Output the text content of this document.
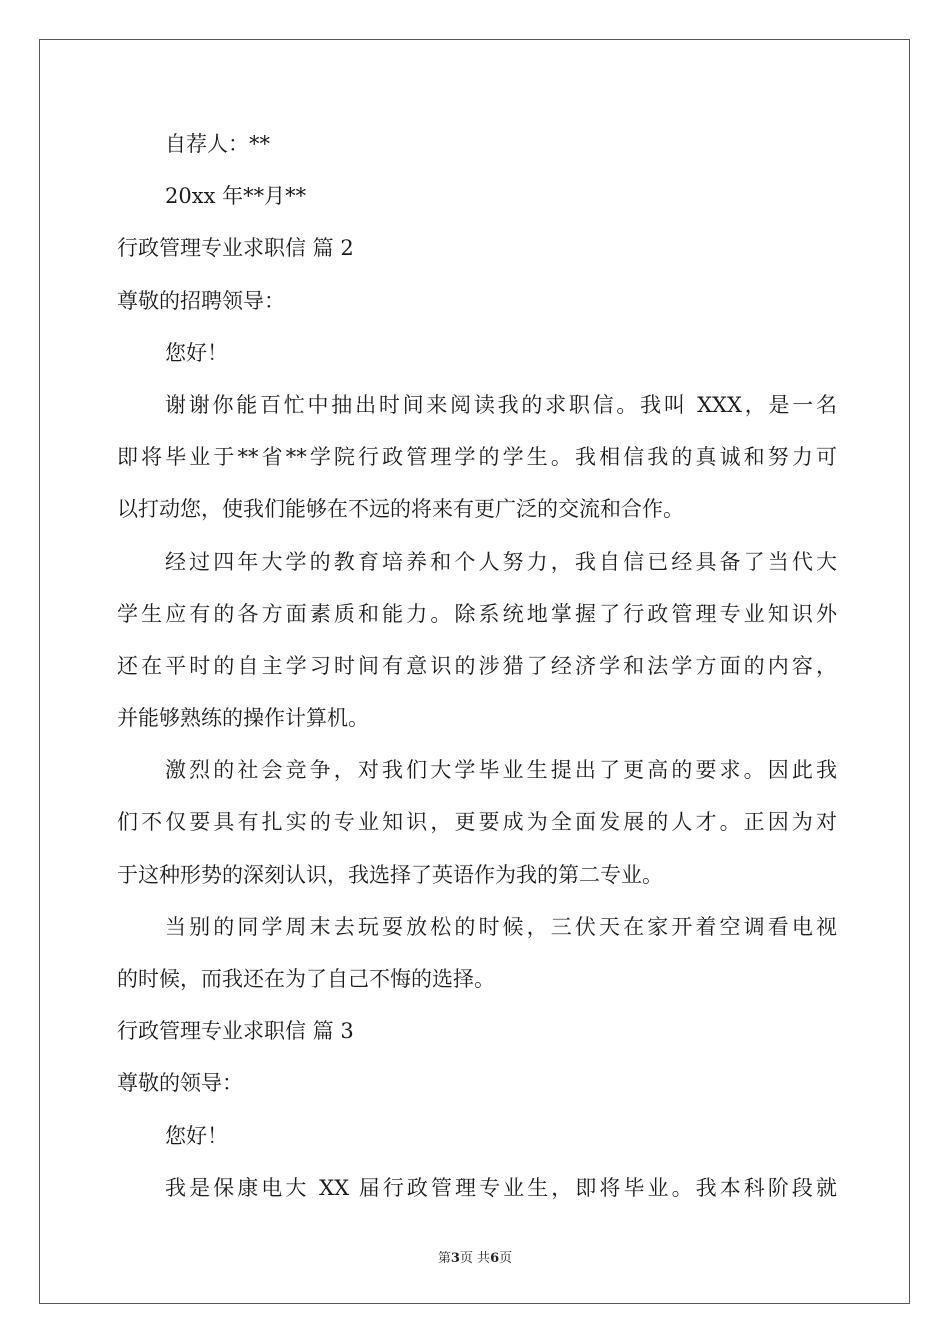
自荐人：**
20xx 年**月**
行政管理专业求职信 篇 2
尊敬的招聘领导：
您好！
谢谢你能百忙中抽出时间来阅读我的求职信。我叫 XXX，是一名
即将毕业于**省**学院行政管理学的学生。我相信我的真诚和努力可
以打动您，使我们能够在不远的将来有更广泛的交流和合作。
经过四年大学的教育培养和个人努力，我自信已经具备了当代大
学生应有的各方面素质和能力。除系统地掌握了行政管理专业知识外
还在平时的自主学习时间有意识的涉猎了经济学和法学方面的内容，
并能够熟练的操作计算机。
激烈的社会竞争，对我们大学毕业生提出了更高的要求。因此我
们不仅要具有扎实的专业知识，更要成为全面发展的人才。正因为对
于这种形势的深刻认识，我选择了英语作为我的第二专业。
当别的同学周末去玩耍放松的时候，三伏天在家开着空调看电视
的时候，而我还在为了自己不悔的选择。
行政管理专业求职信 篇 3
尊敬的领导：
您好！
我是保康电大 XX 届行政管理专业生，即将毕业。我本科阶段就
第3页 共6页
